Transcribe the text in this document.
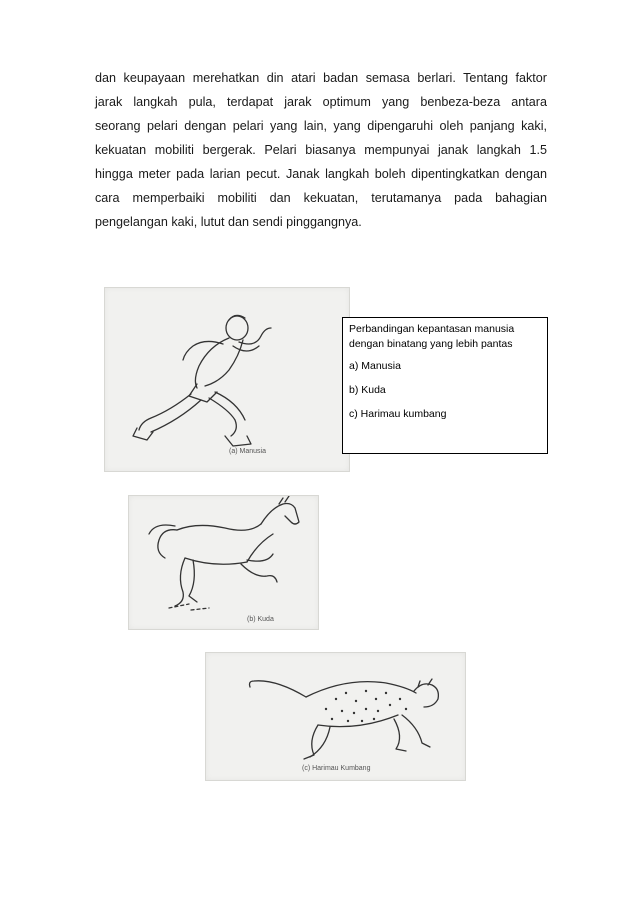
dan keupayaan merehatkan din atari badan semasa berlari. Tentang faktor
jarak langkah pula, terdapat jarak optimum yang benbeza-beza antara
seorang pelari dengan pelari yang lain, yang dipengaruhi oleh panjang kaki,
kekuatan mobiliti bergerak. Pelari biasanya mempunyai janak langkah 1.5
hingga meter pada larian pecut. Janak langkah boleh dipentingkatkan dengan
cara memperbaiki mobiliti dan kekuatan, terutamanya pada bahagian
pengelangan kaki, lutut dan sendi pinggangnya.
(a) Manusia
Perbandingan kepantasan manusia dengan binatang yang lebih pantas
a) Manusia
b) Kuda
c) Harimau kumbang
(b) Kuda
(c) Harimau Kumbang
